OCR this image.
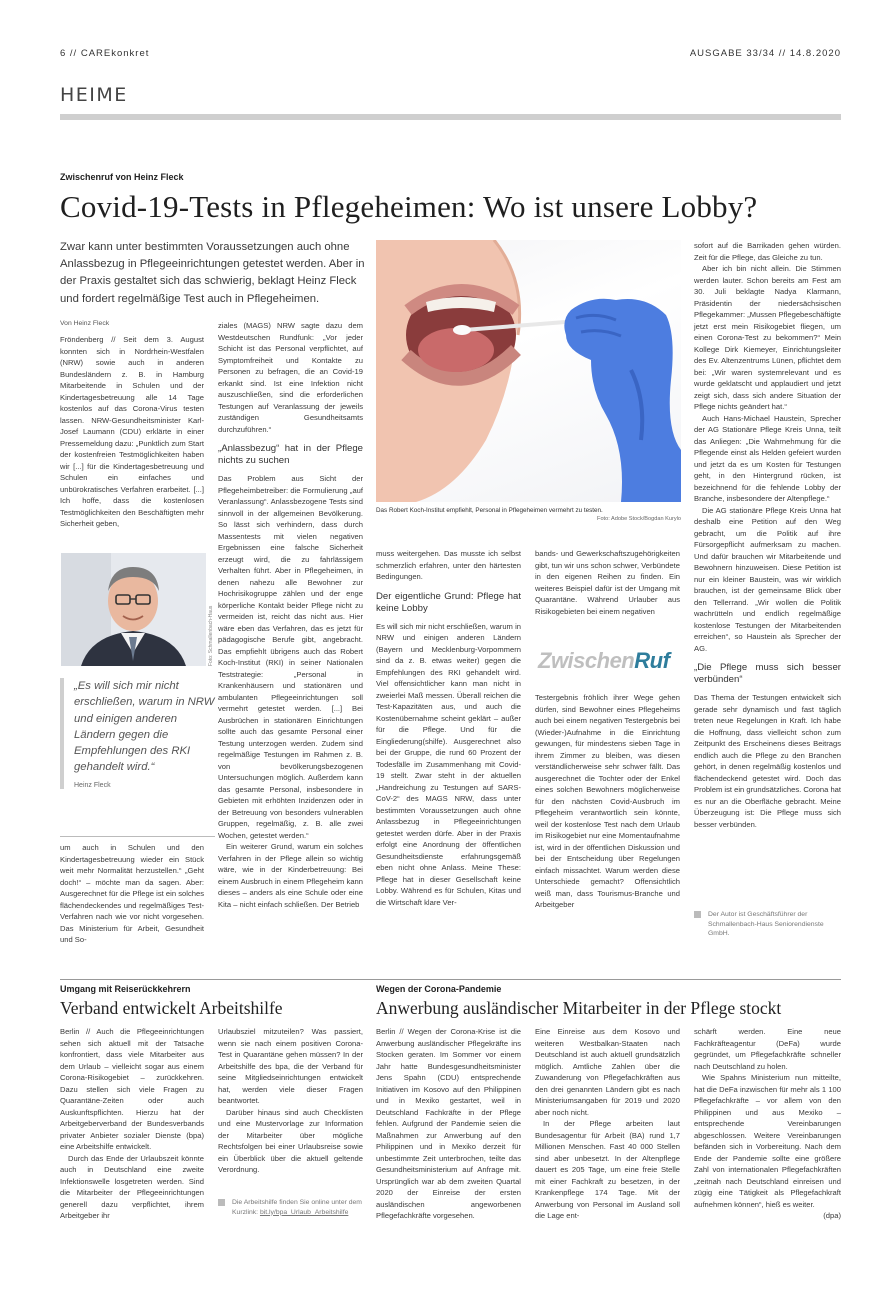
6 // CAREkonkret	AUSGABE 33/34 // 14.8.2020
HEIME
Zwischenruf von Heinz Fleck
Covid-19-Tests in Pflegeheimen: Wo ist unsere Lobby?
Zwar kann unter bestimmten Voraussetzungen auch ohne Anlassbezug in Pflegeeinrichtungen getestet werden. Aber in der Praxis gestaltet sich das schwierig, beklagt Heinz Fleck und fordert regelmäßige Test auch in Pflegeheimen.
Das Robert Koch-Institut empfiehlt, Personal in Pflegeheimen vermehrt zu testen.
Foto: Adobe Stock/Bogdan Kurylo
Von Heinz Fleck
Fröndenberg // Seit dem 3. August konnten sich in Nordrhein-Westfalen (NRW) sowie auch in anderen Bundesländern z. B. in Hamburg Mitarbeitende in Schulen und der Kindertagesbetreuung alle 14 Tage kostenlos auf das Corona-Virus testen lassen. NRW-Gesundheitsminister Karl-Josef Laumann (CDU) erklärte in einer Pressemeldung dazu: „Punktlich zum Start der kostenfreien Testmöglichkeiten haben wir [...] für die Kindertagesbetreuung und Schulen ein einfaches und unbürokratisches Verfahren erarbeitet. [...] Ich hoffe, dass die kostenlosen Testmöglichkeiten den Beschäftigten mehr Sicherheit geben,
Foto: Schmallenbach-Haus
„Es will sich mir nicht erschließen, warum in NRW und einigen anderen Ländern gegen die Empfehlungen des RKI gehandelt wird.“
Heinz Fleck
um auch in Schulen und den Kindertagesbetreuung wieder ein Stück weit mehr Normalität herzustellen.“ „Geht doch!“ – möchte man da sagen. Aber: Ausgerechnet für die Pflege ist ein solches flächendeckendes und regelmäßiges Test-Verfahren nach wie vor nicht vorgesehen. Das Ministerium für Arbeit, Gesundheit und So-

ziales (MAGS) NRW sagte dazu dem Westdeutschen Rundfunk: „Vor jeder Schicht ist das Personal verpflichtet, auf Symptomfreiheit und Kontakte zu Personen zu befragen, die an Covid-19 erkankt sind. Ist eine Infektion nicht auszuschließen, sind die erforderlichen Testungen auf Veranlassung der jeweils zuständigen Gesundheitsamts durchzuführen.“

„Anlassbezug“ hat in der Pflege nichts zu suchen

Das Problem aus Sicht der Pflegeheimbetreiber: die Formulierung „auf Veranlassung“. Anlassbezogene Tests sind sinnvoll in der allgemeinen Bevölkerung. So lässt sich verhindern, dass durch Massentests mit vielen negativen Ergebnissen eine falsche Sicherheit erzeugt wird, die zu fahrlässigem Verhalten führt. Aber in Pflegeheimen, in denen nahezu alle Bewohner zur Hochrisikogruppe zählen und der enge körperliche Kontakt beider Pflege nicht zu vermeiden ist, reicht das nicht aus. Hier wäre eben das Verfahren, das es jetzt für pädagogische Berufe gibt, angebracht. Das empfiehlt übrigens auch das Robert Koch-Institut (RKI) in seiner Nationalen Teststrategie: „Personal in Krankenhäusern und stationären und ambulanten Pflegeeinrichtungen soll vermehrt getestet werden. [...] Bei Ausbrüchen in stationären Einrichtungen sollte auch das gesamte Personal einer Testung unterzogen werden. Zudem sind regelmäßige Testungen im Rahmen z. B. von bevölkerungsbezogenen Untersuchungen möglich. Außerdem kann das gesamte Personal, insbesondere in Gebieten mit erhöhten Inzidenzen oder in der Betreuung von besonders vulnerablen Gruppen, regelmäßig, z. B. alle zwei Wochen, getestet werden.“

Ein weiterer Grund, warum ein solches Verfahren in der Pflege allein so wichtig wäre, wie in der Kinderbetreuung: Bei einem Ausbruch in einem Pflegeheim kann dieses – anders als eine Schule oder eine Kita – nicht einfach schließen. Der Betrieb

muss weitergehen. Das musste ich selbst schmerzlich erfahren, unter den härtesten Bedingungen.

Der eigentliche Grund: Pflege hat keine Lobby

Es will sich mir nicht erschließen, warum in NRW und einigen anderen Ländern (Bayern und Mecklenburg-Vorpommern sind da z. B. etwas weiter) gegen die Empfehlungen des RKI gehandelt wird. Viel offensichtlicher kann man nicht in zweierlei Maß messen. Überall reichen die Test-Kapazitäten aus, und auch die Kostenübernahme scheint geklärt – außer für die Pflege. Und für die Eingliederung(shilfe). Ausgerechnet also bei der Gruppe, die rund 60 Prozent der Todesfälle im Zusammenhang mit Covid-19 stellt. Zwar steht in der aktuellen „Handreichung zu Testungen auf SARS-CoV-2“ des MAGS NRW, dass unter bestimmten Voraussetzungen auch ohne Anlassbezug in Pflegeeinrichtungen getestet werden dürfe. Aber in der Praxis erfolgt eine Anordnung der öffentlichen Gesundheitsdienste erfahrungsgemäß eben nicht ohne Anlass. Meine These: Pflege hat in dieser Gesellschaft keine Lobby. Während es für Schulen, Kitas und die Wirtschaft klare Ver-

bands- und Gewerkschaftszugehörigkeiten gibt, tun wir uns schon schwer, Verbündete in den eigenen Reihen zu finden. Ein weiteres Beispiel dafür ist der Umgang mit Quarantäne. Während Urlauber aus Risikogebieten bei einem negativen
ZwischenRuf
Testergebnis fröhlich ihrer Wege gehen dürfen, sind Bewohner eines Pflegeheims auch bei einem negativen Testergebnis bei (Wieder-)Aufnahme in die Einrichtung gewungen, für mindestens sieben Tage in ihrem Zimmer zu bleiben, was diesen verständlicherweise sehr schwer fällt. Das ausgerechnet die Tochter oder der Enkel eines solchen Bewohners möglicherweise für den nächsten Covid-Ausbruch im Pflegeheim verantwortlich sein könnte, weil der kostenlose Test nach dem Urlaub im Risikogebiet nur eine Momentaufnahme ist, wird in der öffentlichen Diskussion und bei der Entscheidung über Regelungen einfach missachtet. Warum werden diese Unterschiede gemacht? Offensichtlich weiß man, dass Tourismus-Branche und Arbeitgeber

sofort auf die Barrikaden gehen würden. Zeit für die Pflege, das Gleiche zu tun.

Aber ich bin nicht allein. Die Stimmen werden lauter. Schon bereits am Fest am 30. Juli beklagte Nadya Klarmann, Präsidentin der niedersächsischen Pflegekammer: „Mussen Pflegebeschäftigte jetzt erst mein Risikogebiet fliegen, um einen Corona-Test zu bekommen?“ Mein Kollege Dirk Kiemeyer, Einrichtungsleiter des Ev. Altenzentrums Lünen, pflichtet dem bei: „Wir waren systemrelevant und es wurde geklatscht und applaudiert und jetzt zeigt sich, dass sich andere Situation der Pflege nichts geändert hat.“

Auch Hans-Michael Haustein, Sprecher der AG Stationäre Pflege Kreis Unna, teilt das Anliegen: „Die Wahrnehmung für die Pflegende einst als Helden gefeiert wurden und jetzt da es um Kosten für Testungen geht, in den Hintergrund rücken, ist bezeichnend für die fehlende Lobby der Branche, insbesondere der Altenpflege.“

Die AG stationäre Pflege Kreis Unna hat deshalb eine Petition auf den Weg gebracht, um die Politik auf ihre Fürsorgepflicht aufmerksam zu machen. Und dafür brauchen wir Mitarbeitende und Bewohnern hinzuweisen. Diese Petition ist nur ein kleiner Baustein, was wir wirklich brauchen, ist der gemeinsame Blick über den Tellerrand. „Wir wollen die Politik wachrütteln und endlich regelmäßige kostenlose Testungen der Mitarbeitenden erreichen“, so Haustein als Sprecher der AG.

„Die Pflege muss sich besser verbünden“

Das Thema der Testungen entwickelt sich gerade sehr dynamisch und fast täglich treten neue Regelungen in Kraft. Ich habe die Hoffnung, dass vielleicht schon zum Zeitpunkt des Erscheinens dieses Beitrags endlich auch die Pflege zu den Branchen gehört, in denen regelmäßig kostenlos und flächendeckend getestet wird. Doch das Problem ist ein grundsätzliches. Corona hat es nur an die Oberfläche gebracht. Meine Überzeugung ist: Die Pflege muss sich besser verbünden.

Der Autor ist Geschäftsführer der Schmallenbach-Haus Seniorendienste GmbH.
Umgang mit Reiserückkehrern
Verband entwickelt Arbeitshilfe

Berlin // Auch die Pflegeeinrichtungen sehen sich aktuell mit der Tatsache konfrontiert, dass viele Mitarbeiter aus dem Urlaub – vielleicht sogar aus einem Corona-Risikogebiet – zurückkehren. Dazu stellen sich viele Fragen zu Quarantäne-Zeiten oder auch Auskunftspflichten. Hierzu hat der Arbeitgeberverband der Bundesverbands privater Anbieter sozialer Dienste (bpa) eine Arbeitshilfe entwickelt.

Durch das Ende der Urlaubszeit könnte auch in Deutschland eine zweite Infektionswelle losgetreten werden. Sind die Mitarbeiter der Pflegeeinrichtungen generell dazu verpflichtet, ihrem Arbeitgeber ihr

Urlaubsziel mitzuteilen? Was passiert, wenn sie nach einem positiven Corona-Test in Quarantäne gehen müssen? In der Arbeitshilfe des bpa, die der Verband für seine Mitgliedseinrichtungen entwickelt hat, werden viele dieser Fragen beantwortet.

Darüber hinaus sind auch Checklisten und eine Mustervorlage zur Information der Mitarbeiter über mögliche Rechtsfolgen bei einer Urlaubsreise sowie ein Überblick über die aktuell geltende Verordnung.

Die Arbeitshilfe finden Sie online unter dem Kurzlink: bit.ly/bpa_Urlaub_Arbeitshilfe
Wegen der Corona-Pandemie
Anwerbung ausländischer Mitarbeiter in der Pflege stockt
Berlin // Wegen der Corona-Krise ist die Anwerbung ausländischer Pflegekräfte ins Stocken geraten. Im Sommer vor einem Jahr hatte Bundesgesundheitsminister Jens Spahn (CDU) entsprechende Initiativen im Kosovo auf den Philippinen und in Mexiko gestartet, weil in Deutschland Fachkräfte in der Pflege fehlen. Aufgrund der Pandemie seien die Maßnahmen zur Anwerbung auf den Philippinen und in Mexiko derzeit für unbestimmte Zeit unterbrochen, teilte das Gesundheitsministerium auf Anfrage mit. Ursprünglich war ab dem zweiten Quartal 2020 der Einreise der ersten ausländischen angeworbenen Pflegefachkräfte vorgesehen.

Eine Einreise aus dem Kosovo und weiteren Westbalkan-Staaten nach Deutschland ist auch aktuell grundsätzlich möglich. Amtliche Zahlen über die Zuwanderung von Pflegefachkräften aus den drei genannten Ländern gibt es nach Ministeriumsangaben für 2019 und 2020 aber noch nicht.

In der Pflege arbeiten laut Bundesagentur für Arbeit (BA) rund 1,7 Millionen Menschen. Fast 40 000 Stellen sind aber unbesetzt. In der Altenpflege dauert es 205 Tage, um eine freie Stelle mit einer Fachkraft zu besetzen, in der Krankenpflege 174 Tage. Mit der Anwerbung von Personal im Ausland soll die Lage ent-

schärft werden. Eine neue Fachkräfteagentur (DeFa) wurde gegründet, um Pflegefachkräfte schneller nach Deutschland zu holen.

Wie Spahns Ministerium nun mitteilte, hat die DeFa inzwischen für mehr als 1 100 Pflegefachkräfte – vor allem von den Philippinen und aus Mexiko – entsprechende Vereinbarungen abgeschlossen. Weitere Vereinbarungen befänden sich in Vorbereitung. Nach dem Ende der Pandemie sollte eine größere Zahl von internationalen Pflegefachkräften „zeitnah nach Deutschland einreisen und zügig eine Tätigkeit als Pflegefachkraft aufnehmen können“, hieß es weiter.

(dpa)
